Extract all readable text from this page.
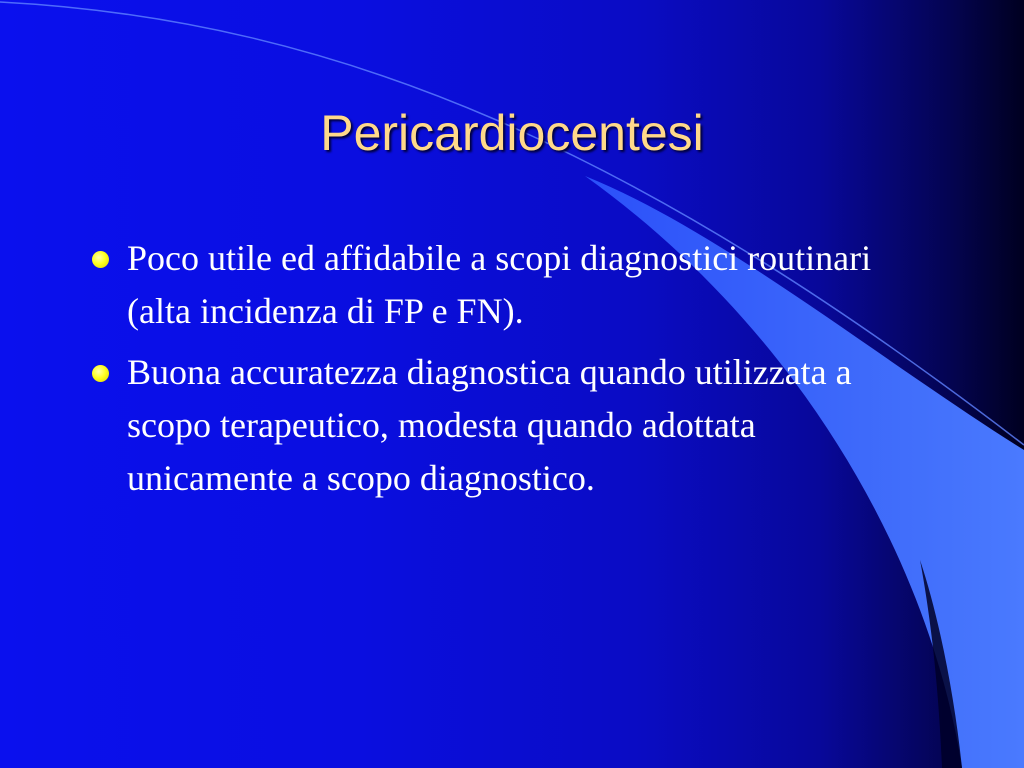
Pericardiocentesi
Poco utile ed affidabile a scopi diagnostici routinari (alta incidenza di FP e FN).
Buona accuratezza diagnostica quando utilizzata a scopo terapeutico, modesta quando adottata unicamente a scopo diagnostico.
